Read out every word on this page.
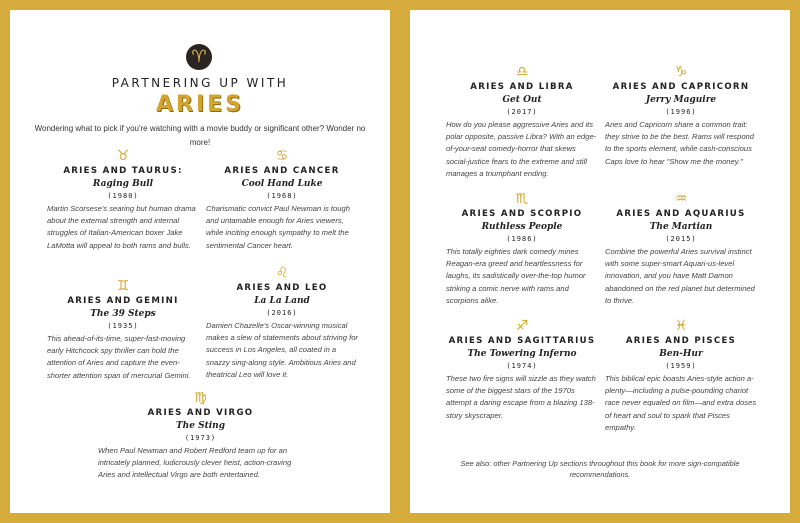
♈
PARTNERING UP WITH
ARIES
Wondering what to pick if you're watching with a movie buddy or significant other? Wonder no more!
♉
ARIES AND TAURUS:
Raging Bull
(1980)
Martin Scorsese's searing but human drama about the external strength and internal struggles of Italian-American boxer Jake LaMotta will appeal to both rams and bulls.
♋
ARIES AND CANCER
Cool Hand Luke
(1968)
Charismatic convict Paul Newman is tough and untamable enough for Aries viewers, while inciting enough sympathy to melt the sentimental Cancer heart.
♊
ARIES AND GEMINI
The 39 Steps
(1935)
This ahead-of-its-time, super-fast-moving early Hitchcock spy thriller can hold the attention of Aries and capture the even-shorter attention span of mercurial Gemini.
♌
ARIES AND LEO
La La Land
(2016)
Damien Chazelle's Oscar-winning musical makes a slew of statements about striving for success in Los Angeles, all coated in a snazzy sing-along style. Ambitious Aries and theatrical Leo will love it.
♍
ARIES AND VIRGO
The Sting
(1973)
When Paul Newman and Robert Redford team up for an intricately planned, ludicrously clever heist, action-craving Aries and intellectual Virgo are both entertained.
♎
ARIES AND LIBRA
Get Out
(2017)
How do you please aggressive Aries and its polar opposite, passive Libra? With an edge-of-your-seat comedy-horror that skews social-justice fears to the extreme and still manages a triumphant ending.
♑
ARIES AND CAPRICORN
Jerry Maguire
(1996)
Aries and Capricorn share a common trait: they strive to be the best. Rams will respond to the sports element, while cash-conscious Caps love to hear "Show me the money."
♏
ARIES AND SCORPIO
Ruthless People
(1986)
This totally eighties dark comedy mines Reagan-era greed and heartlessness for laughs, its sadistically over-the-top humor striking a comic nerve with rams and scorpions alike.
♒
ARIES AND AQUARIUS
The Martian
(2015)
Combine the powerful Aries survival instinct with some super-smart Aquari-us-level innovation, and you have Matt Damon abandoned on the red planet but determined to thrive.
♐
ARIES AND SAGITTARIUS
The Towering Inferno
(1974)
These two fire signs will sizzle as they watch some of the biggest stars of the 1970s attempt a daring escape from a blazing 138-story skyscraper.
♓
ARIES AND PISCES
Ben-Hur
(1959)
This biblical epic boasts Aries-style action a-plenty—including a pulse-pounding chariot race never equaled on film—and extra doses of heart and soul to spark that Pisces empathy.
See also: other Partnering Up sections throughout this book for more sign-compatible recommendations.
